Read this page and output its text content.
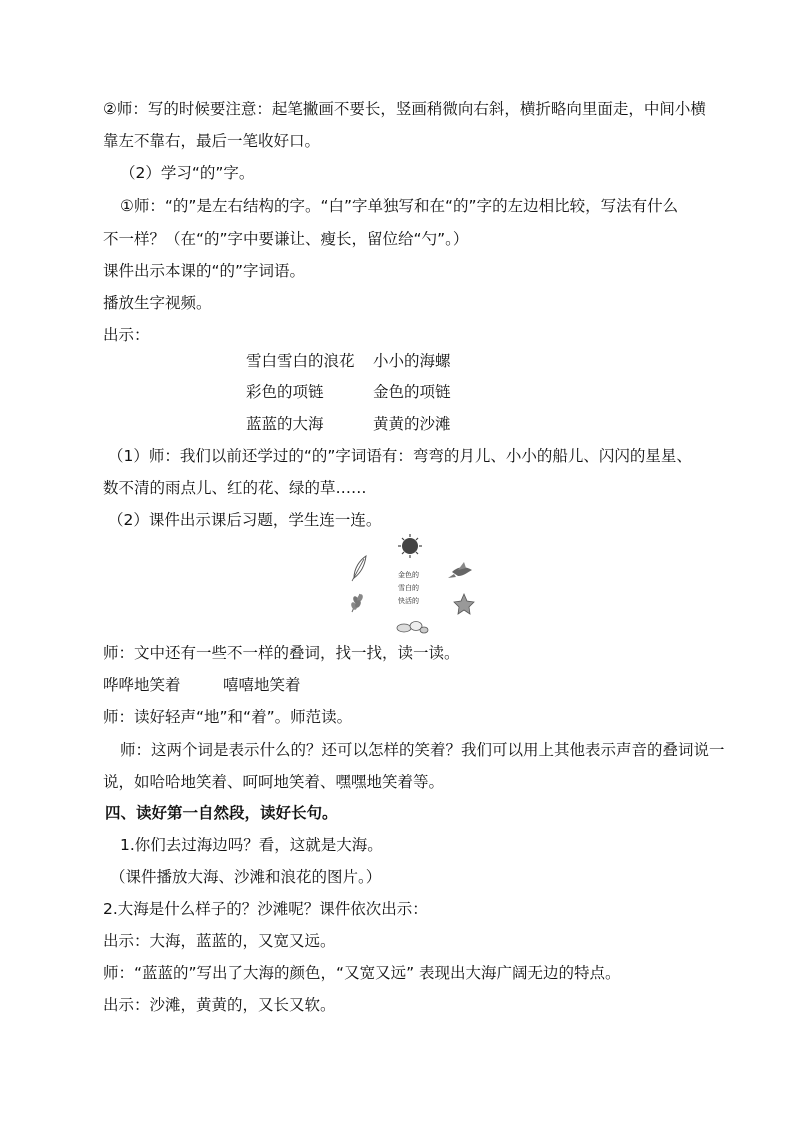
②师：写的时候要注意：起笔撇画不要长，竖画稍微向右斜，横折略向里面走，中间小横
靠左不靠右，最后一笔收好口。
（2）学习“的”字。
①师：“的”是左右结构的字。“白”字单独写和在“的”字的左边相比较，写法有什么
不一样？（在“的”字中要谦让、瘦长，留位给“勺”。）
课件出示本课的“的”字词语。
播放生字视频。
出示：
雪白雪白的浪花 小小的海螺
彩色的项链	金色的项链
蓝蓝的大海	黄黄的沙滩
（1）师：我们以前还学过的“的”字词语有：弯弯的月儿、小小的船儿、闪闪的星星、
数不清的雨点儿、红的花、绿的草……
（2）课件出示课后习题，学生连一连。
金色的
雪白的
快活的
师：文中还有一些不一样的叠词，找一找，读一读。
哗哗地笑着	嘻嘻地笑着
师：读好轻声“地”和“着”。师范读。
师：这两个词是表示什么的？还可以怎样的笑着？我们可以用上其他表示声音的叠词说一
说，如哈哈地笑着、呵呵地笑着、嘿嘿地笑着等。
四、读好第一自然段，读好长句。
1.你们去过海边吗？看，这就是大海。
（课件播放大海、沙滩和浪花的图片。）
2.大海是什么样子的？沙滩呢？课件依次出示：
出示：大海，蓝蓝的，又宽又远。
师：“蓝蓝的”写出了大海的颜色，“又宽又远” 表现出大海广阔无边的特点。
出示：沙滩，黄黄的，又长又软。
